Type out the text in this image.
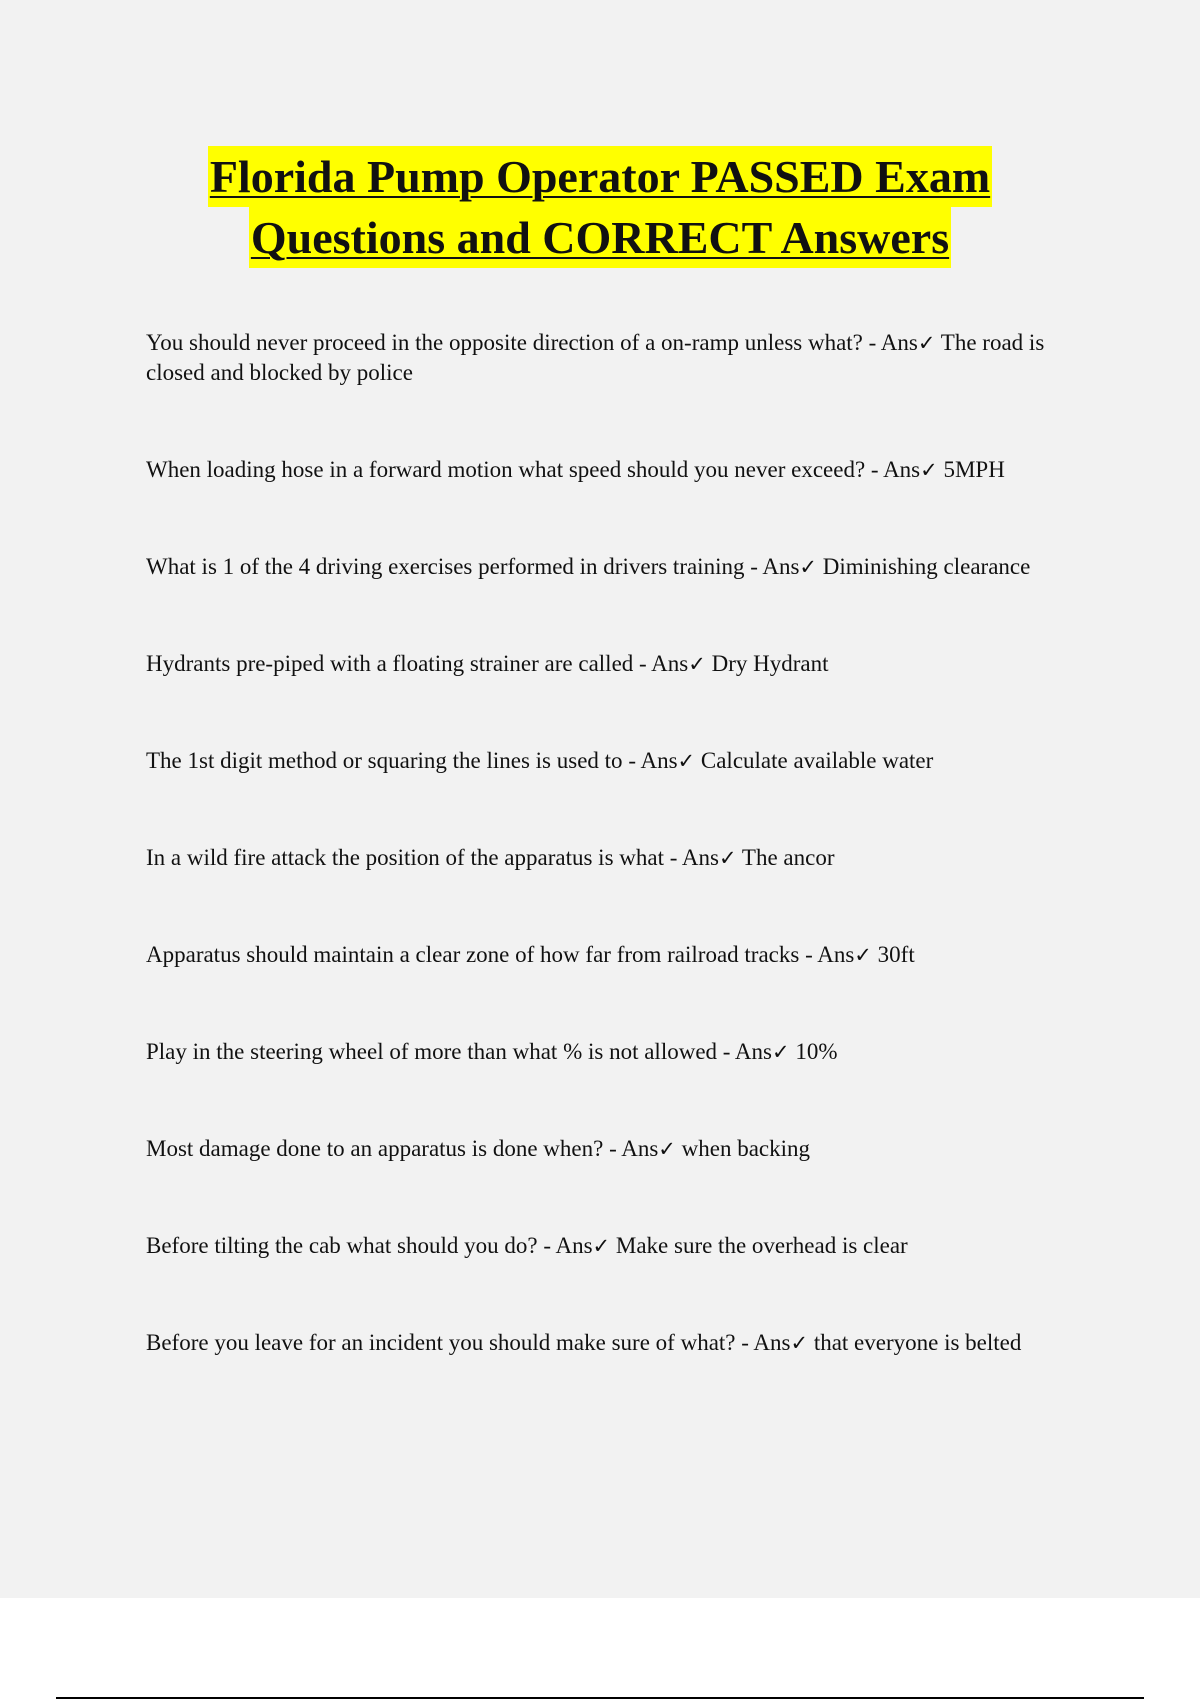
Florida Pump Operator PASSED Exam
Questions and CORRECT Answers
You should never proceed in the opposite direction of a on-ramp unless what? - Ans✓ The road is closed and blocked by police
When loading hose in a forward motion what speed should you never exceed? - Ans✓ 5MPH
What is 1 of the 4 driving exercises performed in drivers training - Ans✓ Diminishing clearance
Hydrants pre-piped with a floating strainer are called - Ans✓ Dry Hydrant
The 1st digit method or squaring the lines is used to - Ans✓ Calculate available water
In a wild fire attack the position of the apparatus is what - Ans✓ The ancor
Apparatus should maintain a clear zone of how far from railroad tracks - Ans✓ 30ft
Play in the steering wheel of more than what % is not allowed - Ans✓ 10%
Most damage done to an apparatus is done when? - Ans✓ when backing
Before tilting the cab what should you do? - Ans✓ Make sure the overhead is clear
Before you leave for an incident you should make sure of what? - Ans✓ that everyone is belted
